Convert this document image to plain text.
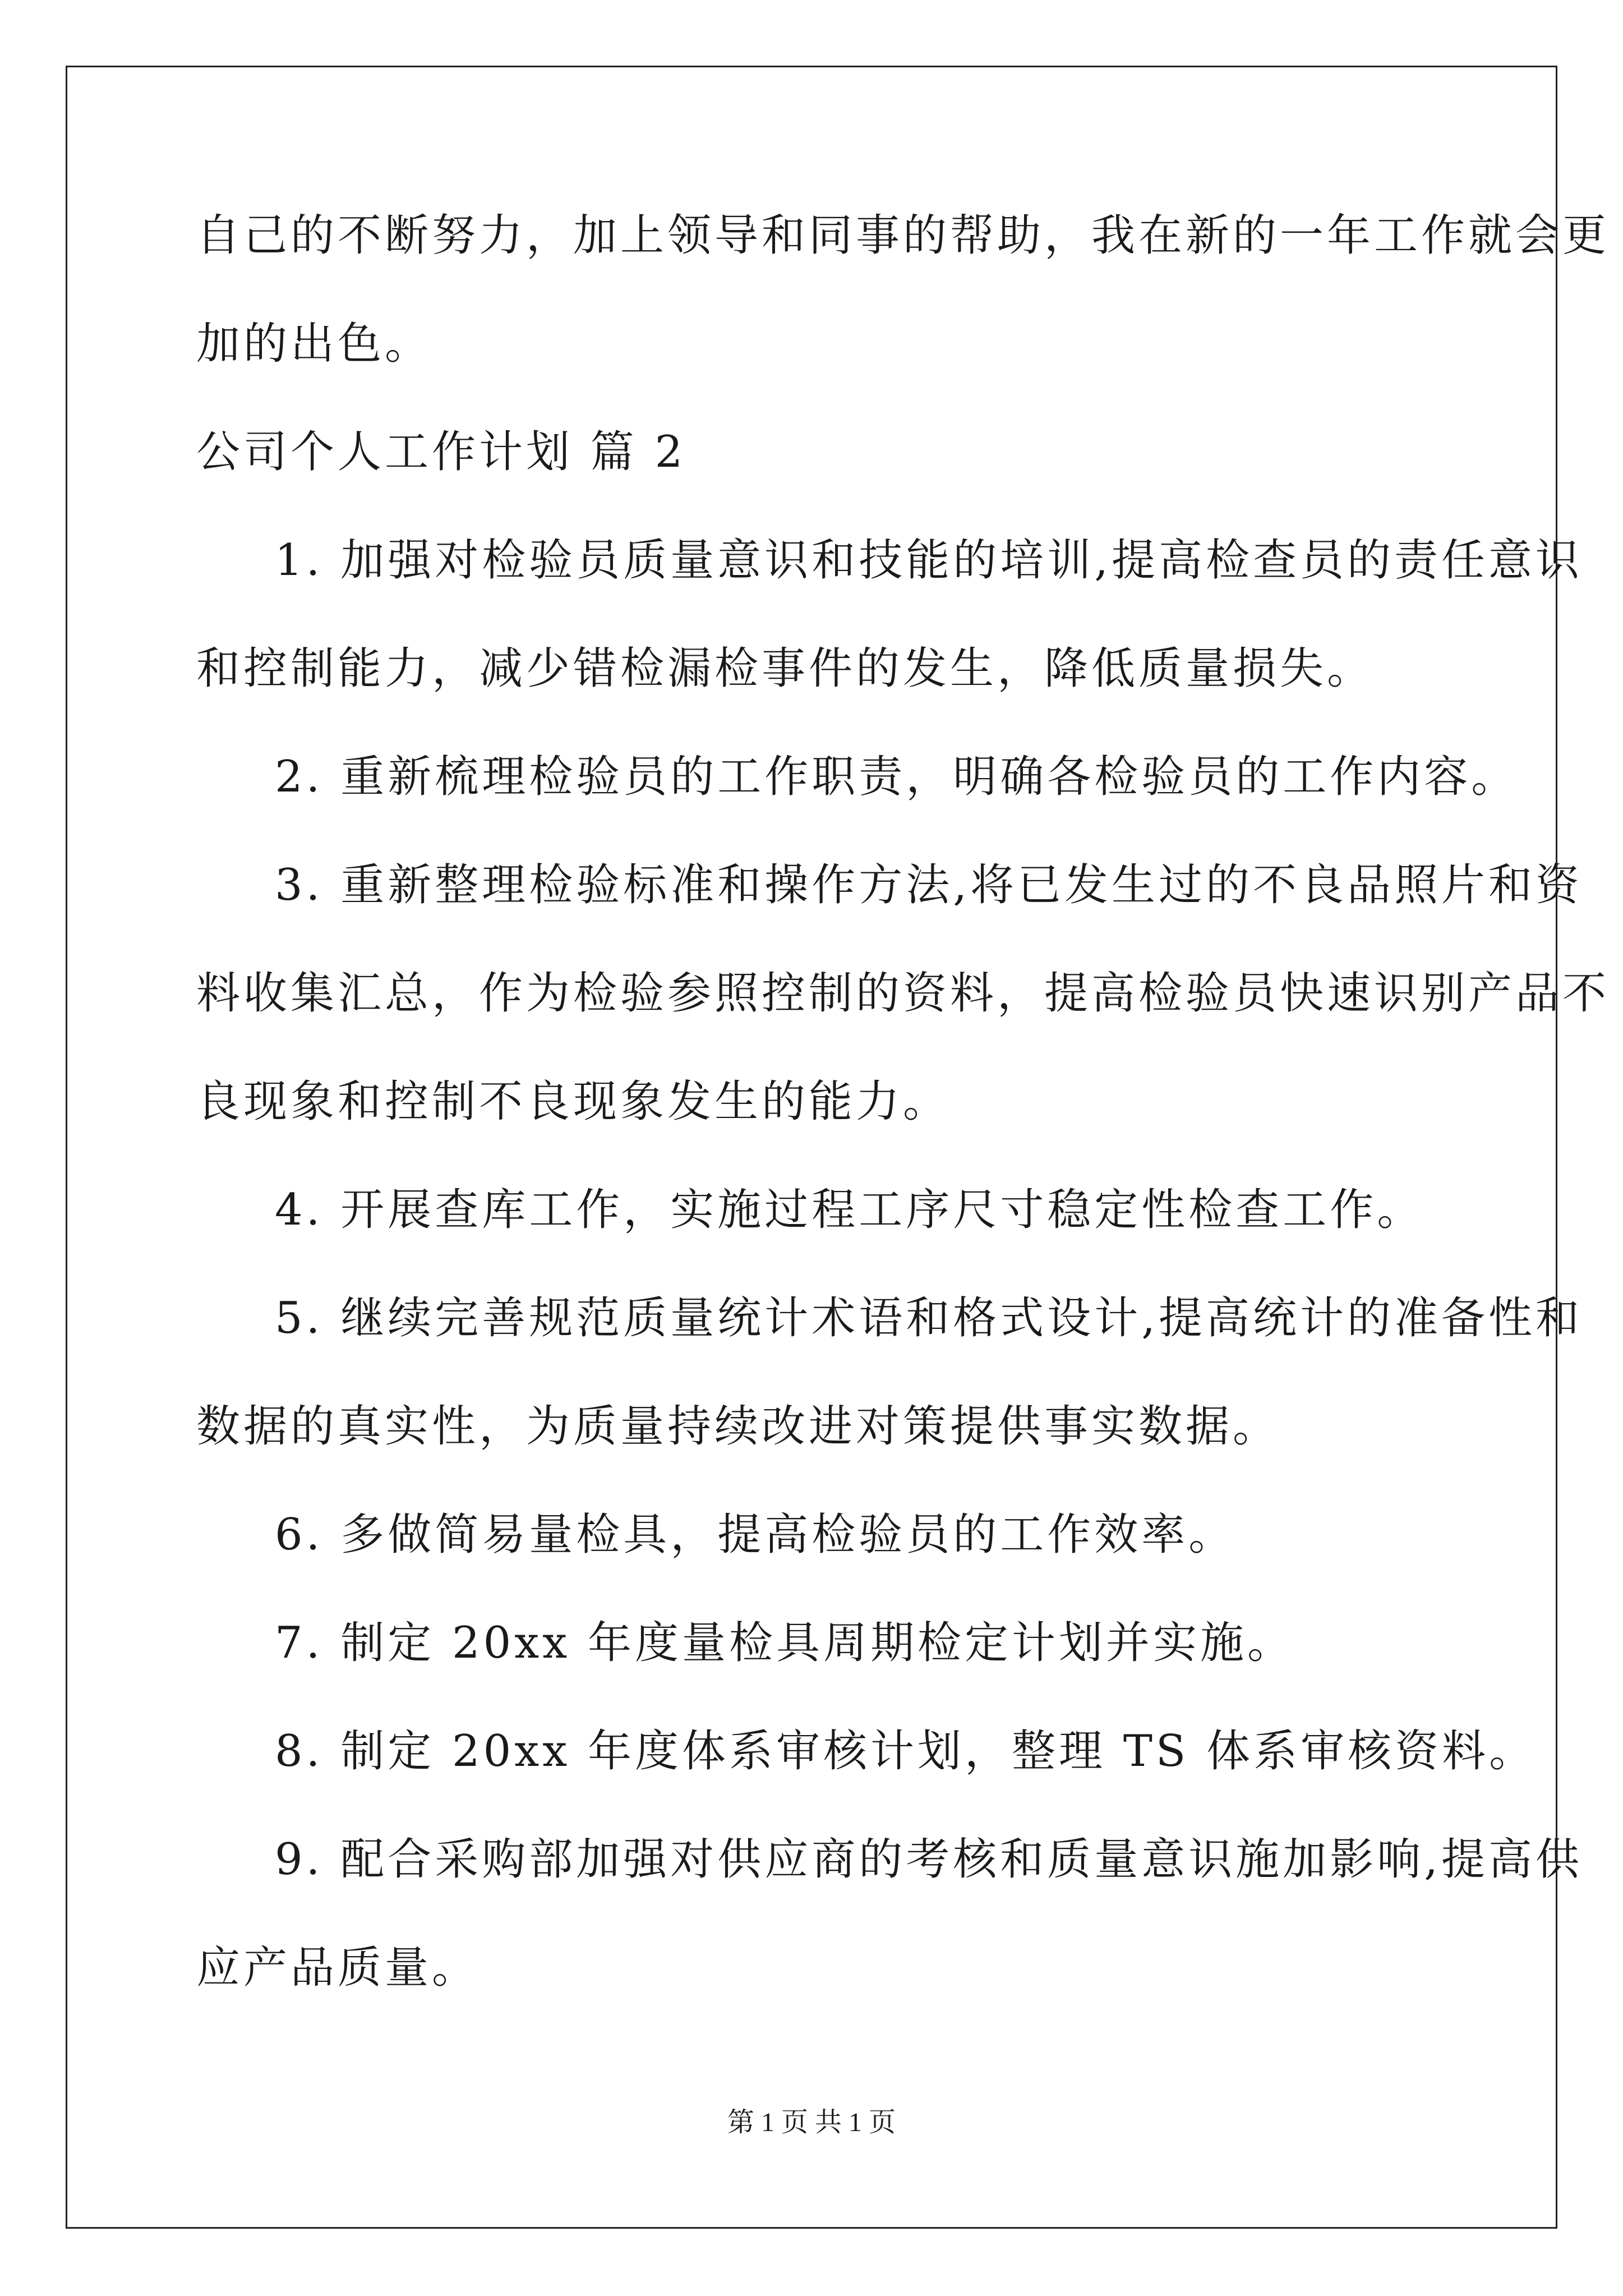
自己的不断努力，加上领导和同事的帮助，我在新的一年工作就会更
加的出色。
公司个人工作计划 篇 2
1. 加强对检验员质量意识和技能的培训,提高检查员的责任意识
和控制能力，减少错检漏检事件的发生，降低质量损失。
2. 重新梳理检验员的工作职责，明确各检验员的工作内容。
3. 重新整理检验标准和操作方法,将已发生过的不良品照片和资
料收集汇总，作为检验参照控制的资料，提高检验员快速识别产品不
良现象和控制不良现象发生的能力。
4. 开展查库工作，实施过程工序尺寸稳定性检查工作。
5. 继续完善规范质量统计术语和格式设计,提高统计的准备性和
数据的真实性，为质量持续改进对策提供事实数据。
6. 多做简易量检具，提高检验员的工作效率。
7. 制定 20xx 年度量检具周期检定计划并实施。
8. 制定 20xx 年度体系审核计划，整理 TS 体系审核资料。
9. 配合采购部加强对供应商的考核和质量意识施加影响,提高供
应产品质量。
第 1 页 共 1 页
